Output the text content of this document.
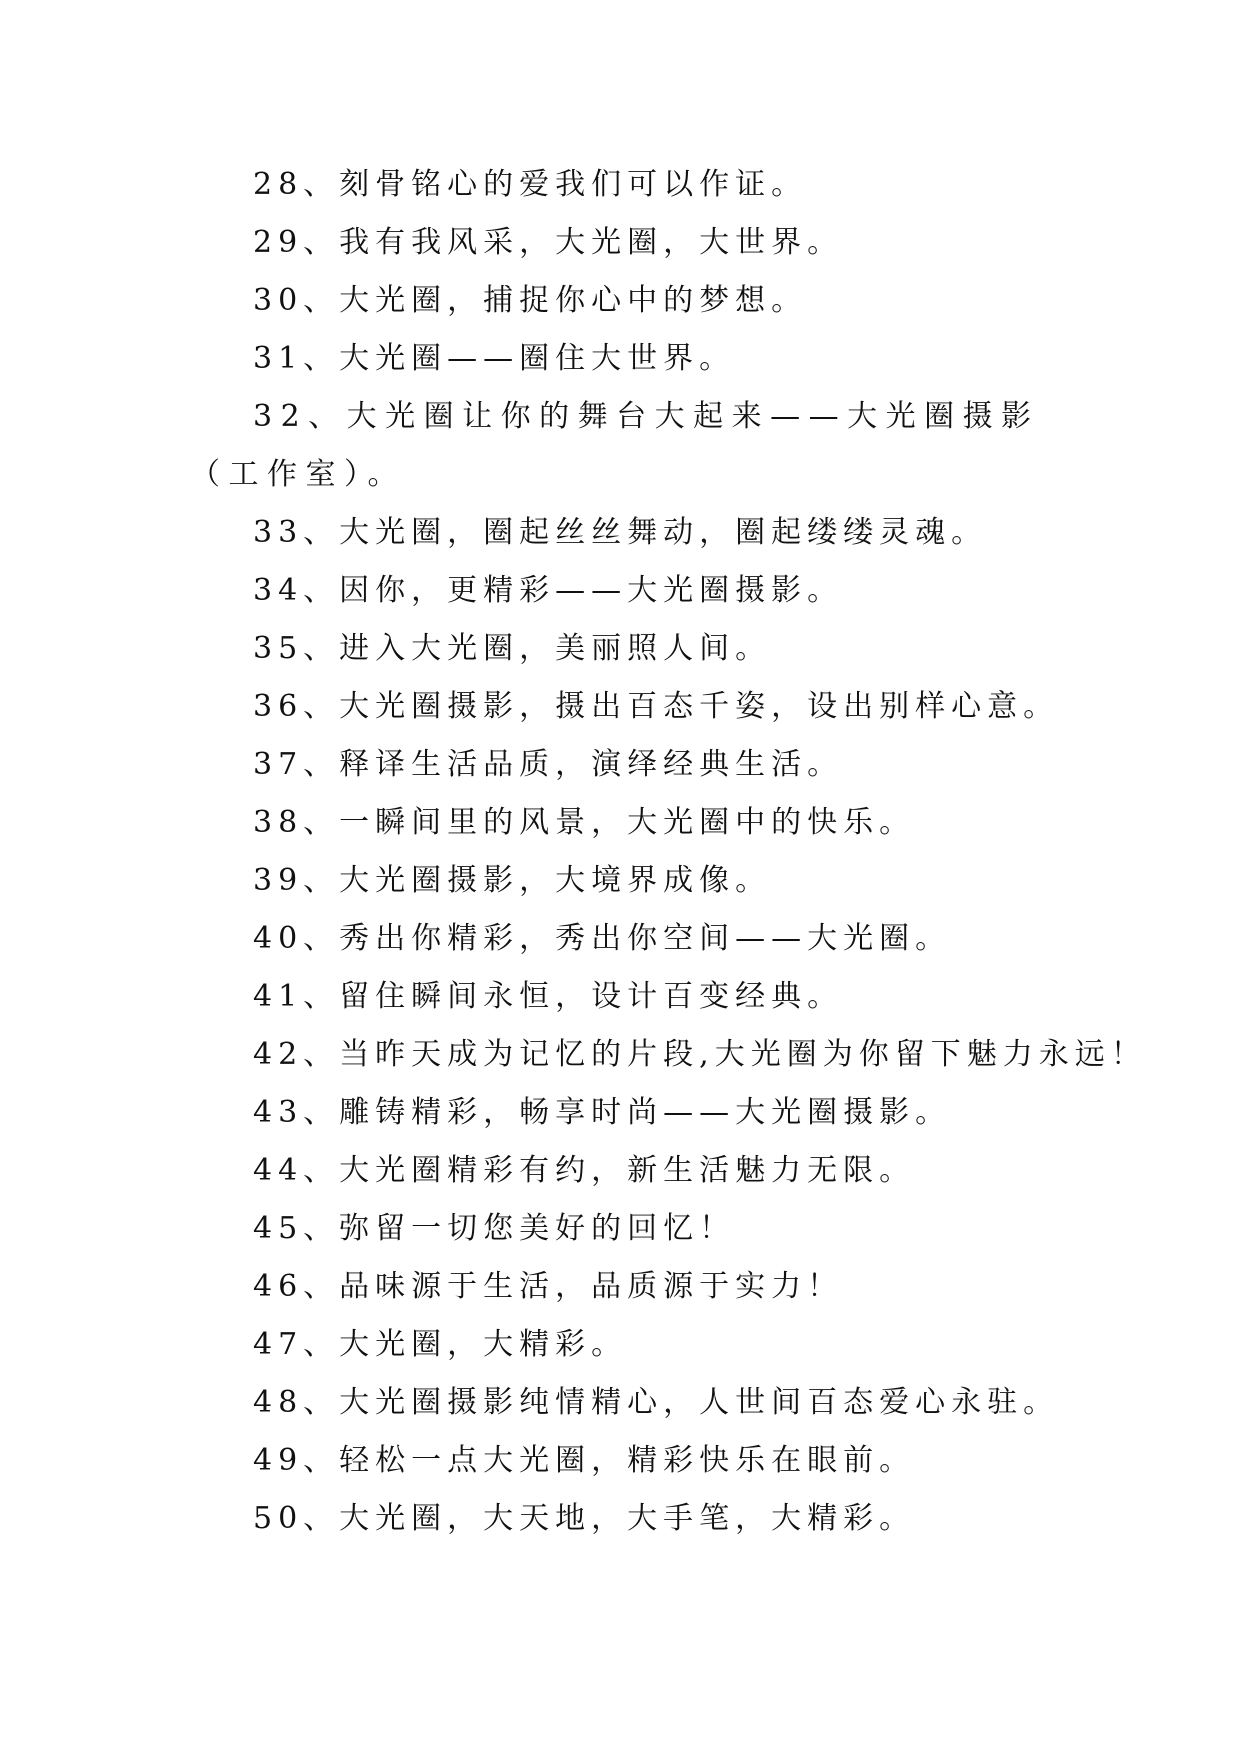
28、刻骨铭心的爱我们可以作证。
29、我有我风采，大光圈，大世界。
30、大光圈，捕捉你心中的梦想。
31、大光圈——圈住大世界。
32、大光圈让你的舞台大起来——大光圈摄影（工作室）。
33、大光圈，圈起丝丝舞动，圈起缕缕灵魂。
34、因你，更精彩——大光圈摄影。
35、进入大光圈，美丽照人间。
36、大光圈摄影，摄出百态千姿，设出别样心意。
37、释译生活品质，演绎经典生活。
38、一瞬间里的风景，大光圈中的快乐。
39、大光圈摄影，大境界成像。
40、秀出你精彩，秀出你空间——大光圈。
41、留住瞬间永恒，设计百变经典。
42、当昨天成为记忆的片段,大光圈为你留下魅力永远！
43、雕铸精彩，畅享时尚——大光圈摄影。
44、大光圈精彩有约，新生活魅力无限。
45、弥留一切您美好的回忆！
46、品味源于生活，品质源于实力！
47、大光圈，大精彩。
48、大光圈摄影纯情精心，人世间百态爱心永驻。
49、轻松一点大光圈，精彩快乐在眼前。
50、大光圈，大天地，大手笔，大精彩。
